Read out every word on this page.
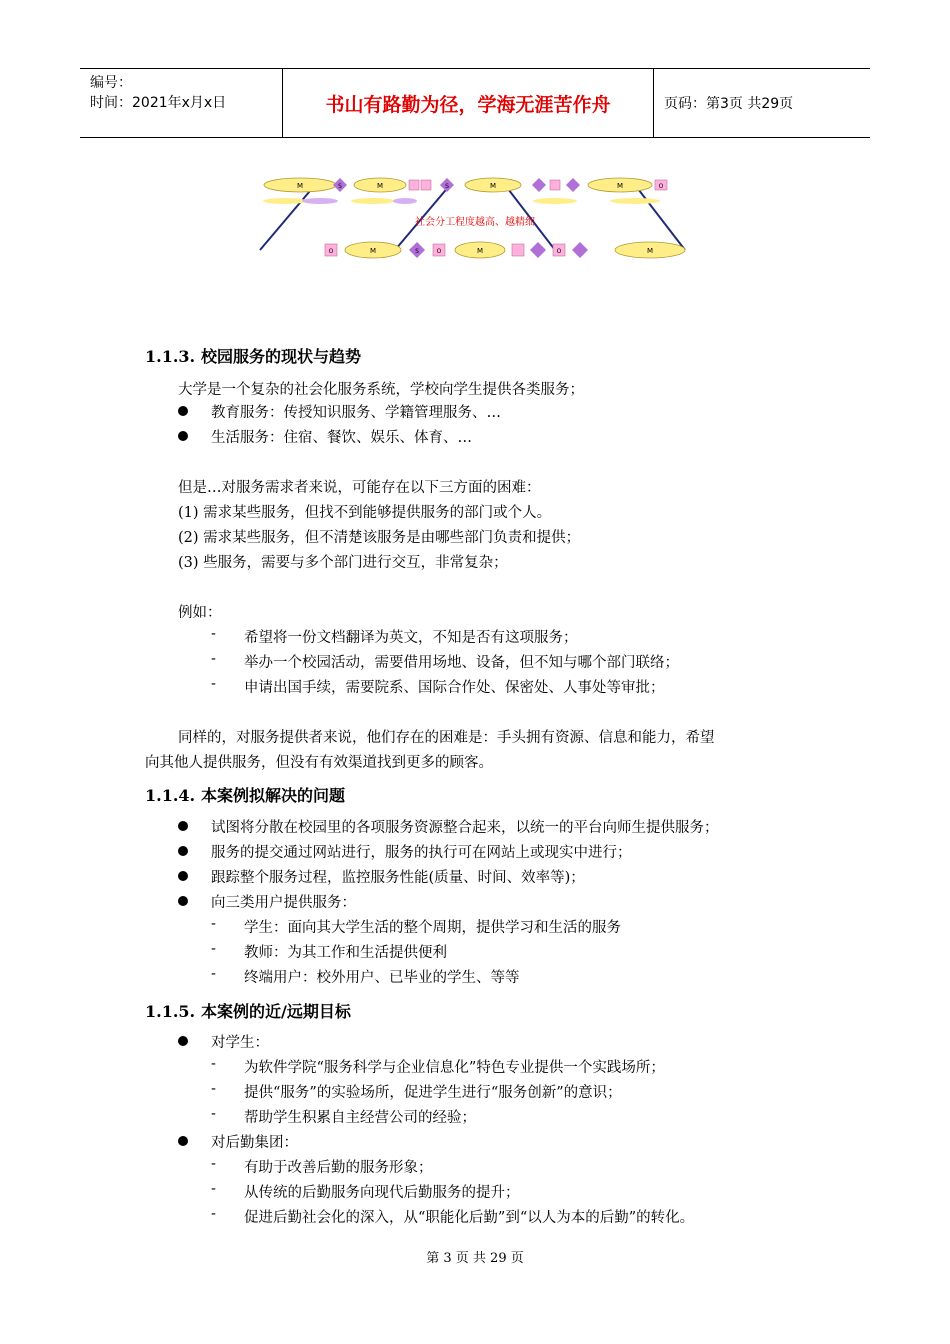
编号：
时间：2021年x月x日	书山有路勤为径，学海无涯苦作舟	页码：第3页 共29页
M	S	M	S	M	M	O
社会分工程度越高、越精细
O	M	S	O	M	O	M
1.1.3. 校园服务的现状与趋势
大学是一个复杂的社会化服务系统，学校向学生提供各类服务；
教育服务：传授知识服务、学籍管理服务、…
生活服务：住宿、餐饮、娱乐、体育、…
但是…对服务需求者来说，可能存在以下三方面的困难：
(1) 需求某些服务，但找不到能够提供服务的部门或个人。
(2) 需求某些服务，但不清楚该服务是由哪些部门负责和提供；
(3) 些服务，需要与多个部门进行交互，非常复杂；
例如：
- 希望将一份文档翻译为英文，不知是否有这项服务；
- 举办一个校园活动，需要借用场地、设备，但不知与哪个部门联络；
- 申请出国手续，需要院系、国际合作处、保密处、人事处等审批；
同样的，对服务提供者来说，他们存在的困难是：手头拥有资源、信息和能力，希望
向其他人提供服务，但没有有效渠道找到更多的顾客。
1.1.4. 本案例拟解决的问题
试图将分散在校园里的各项服务资源整合起来，以统一的平台向师生提供服务；
服务的提交通过网站进行，服务的执行可在网站上或现实中进行；
跟踪整个服务过程，监控服务性能(质量、时间、效率等)；
向三类用户提供服务：
- 学生：面向其大学生活的整个周期，提供学习和生活的服务
- 教师：为其工作和生活提供便利
- 终端用户：校外用户、已毕业的学生、等等
1.1.5. 本案例的近/远期目标
对学生：
- 为软件学院“服务科学与企业信息化”特色专业提供一个实践场所；
- 提供“服务”的实验场所，促进学生进行“服务创新”的意识；
- 帮助学生积累自主经营公司的经验；
对后勤集团：
- 有助于改善后勤的服务形象；
- 从传统的后勤服务向现代后勤服务的提升；
- 促进后勤社会化的深入，从“职能化后勤”到“以人为本的后勤”的转化。
第 3 页 共 29 页
